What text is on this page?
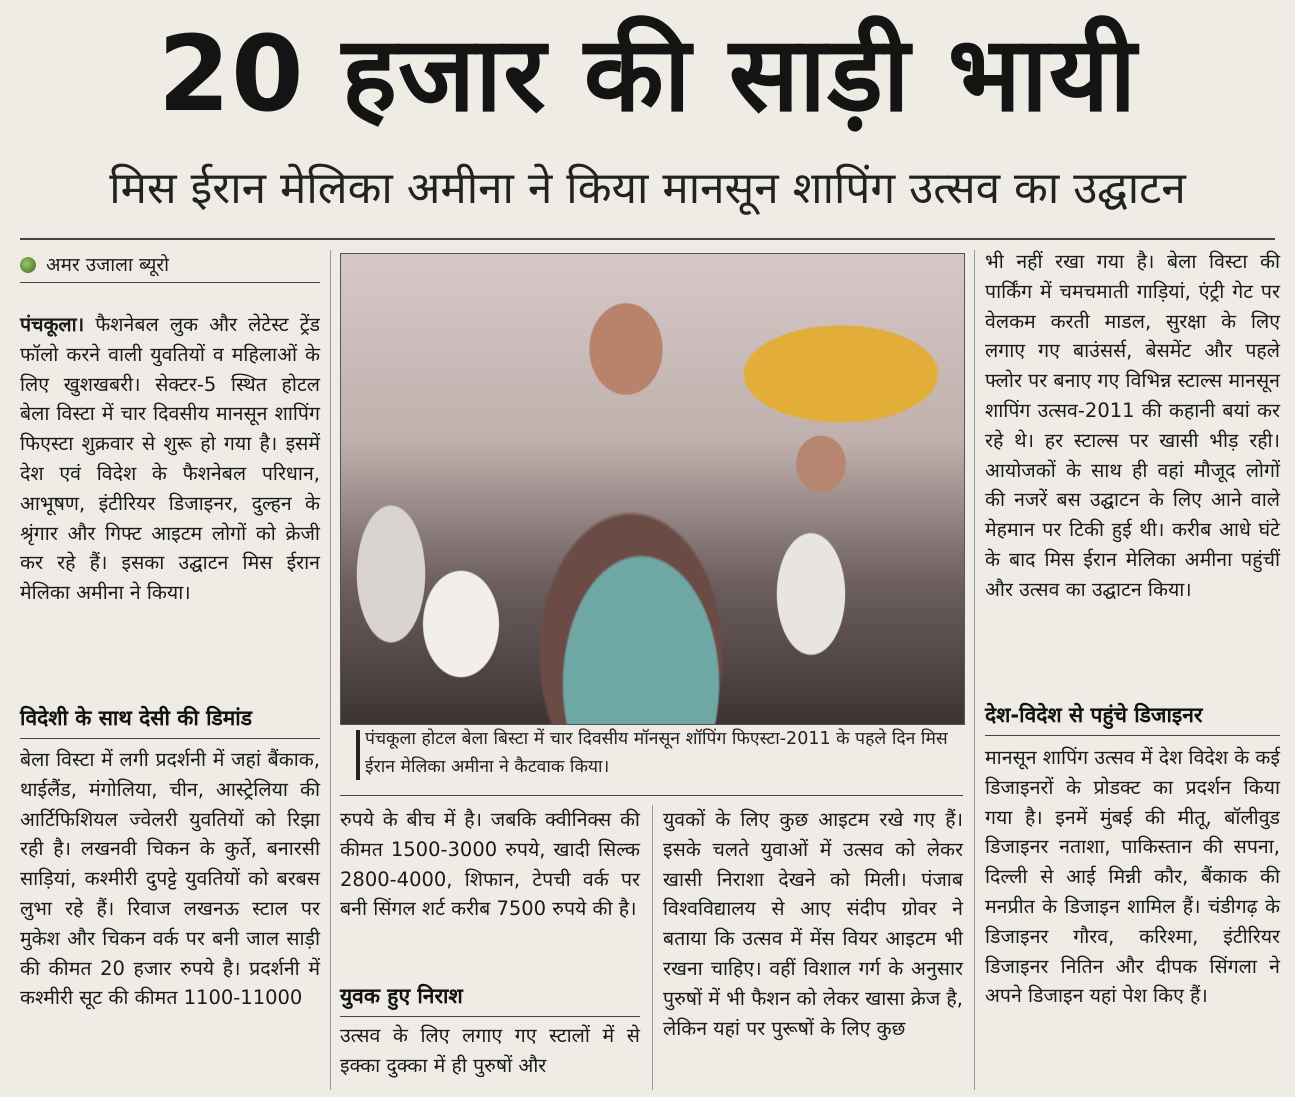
20 हजार की साड़ी भायी
मिस ईरान मेलिका अमीना ने किया मानसून शापिंग उत्सव का उद्घाटन
अमर उजाला ब्यूरो

पंचकूला। फैशनेबल लुक और लेटेस्ट ट्रेंड फॉलो करने वाली युवतियों व महिलाओं के लिए खुशखबरी। सेक्टर-5 स्थित होटल बेला विस्टा में चार दिवसीय मानसून शापिंग फिएस्टा शुक्रवार से शुरू हो गया है। इसमें देश एवं विदेश के फैशनेबल परिधान, आभूषण, इंटीरियर डिजाइनर, दुल्हन के श्रृंगार और गिफ्ट आइटम लोगों को क्रेजी कर रहे हैं। इसका उद्घाटन मिस ईरान मेलिका अमीना ने किया।

विदेशी के साथ देसी की डिमांड

बेला विस्टा में लगी प्रदर्शनी में जहां बैंकाक, थाईलैंड, मंगोलिया, चीन, आस्ट्रेलिया की आर्टिफिशियल ज्वेलरी युवतियों को रिझा रही है। लखनवी चिकन के कुर्ते, बनारसी साड़ियां, कश्मीरी दुपट्टे युवतियों को बरबस लुभा रहे हैं। रिवाज लखनऊ स्टाल पर मुकेश और चिकन वर्क पर बनी जाल साड़ी की कीमत 20 हजार रुपये है। प्रदर्शनी में कश्मीरी सूट की कीमत 1100-11000

पंचकूला होटल बेला बिस्टा में चार दिवसीय मॉनसून शॉपिंग फिएस्टा-2011 के पहले दिन मिस ईरान मेलिका अमीना ने कैटवाक किया।

रुपये के बीच में है। जबकि क्वीनिक्स की कीमत 1500-3000 रुपये, खादी सिल्क 2800-4000, शिफान, टेपची वर्क पर बनी सिंगल शर्ट करीब 7500 रुपये की है।

युवक हुए निराश

उत्सव के लिए लगाए गए स्टालों में से इक्का दुक्का में ही पुरुषों और

युवकों के लिए कुछ आइटम रखे गए हैं। इसके चलते युवाओं में उत्सव को लेकर खासी निराशा देखने को मिली। पंजाब विश्वविद्यालय से आए संदीप ग्रोवर ने बताया कि उत्सव में मेंस वियर आइटम भी रखना चाहिए। वहीं विशाल गर्ग के अनुसार पुरुषों में भी फैशन को लेकर खासा क्रेज है, लेकिन यहां पर पुरूषों के लिए कुछ

भी नहीं रखा गया है। बेला विस्टा की पार्किंग में चमचमाती गाड़ियां, एंट्री गेट पर वेलकम करती माडल, सुरक्षा के लिए लगाए गए बाउंसर्स, बेसमेंट और पहले फ्लोर पर बनाए गए विभिन्न स्टाल्स मानसून शापिंग उत्सव-2011 की कहानी बयां कर रहे थे। हर स्टाल्स पर खासी भीड़ रही। आयोजकों के साथ ही वहां मौजूद लोगों की नजरें बस उद्घाटन के लिए आने वाले मेहमान पर टिकी हुई थी। करीब आधे घंटे के बाद मिस ईरान मेलिका अमीना पहुंचीं और उत्सव का उद्घाटन किया।

देश-विदेश से पहुंचे डिजाइनर

मानसून शापिंग उत्सव में देश विदेश के कई डिजाइनरों के प्रोडक्ट का प्रदर्शन किया गया है। इनमें मुंबई की मीतू, बॉलीवुड डिजाइनर नताशा, पाकिस्तान की सपना, दिल्ली से आई मिन्नी कौर, बैंकाक की मनप्रीत के डिजाइन शामिल हैं। चंडीगढ़ के डिजाइनर गौरव, करिश्मा, इंटीरियर डिजाइनर नितिन और दीपक सिंगला ने अपने डिजाइन यहां पेश किए हैं।
